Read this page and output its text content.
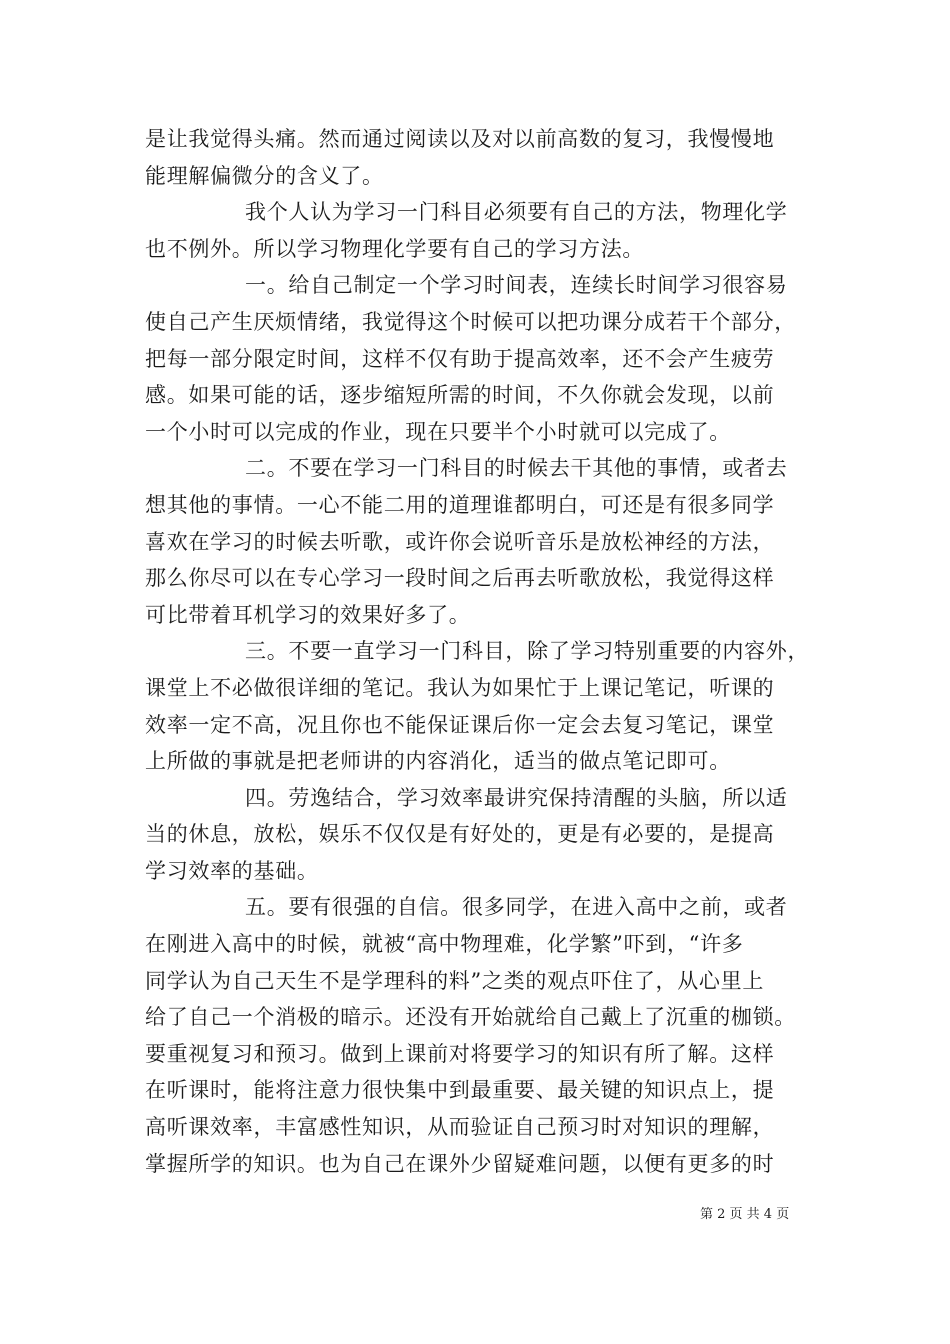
是让我觉得头痛。然而通过阅读以及对以前高数的复习，我慢慢地
能理解偏微分的含义了。
我个人认为学习一门科目必须要有自己的方法，物理化学
也不例外。所以学习物理化学要有自己的学习方法。
一。给自己制定一个学习时间表，连续长时间学习很容易
使自己产生厌烦情绪，我觉得这个时候可以把功课分成若干个部分，
把每一部分限定时间，这样不仅有助于提高效率，还不会产生疲劳
感。如果可能的话，逐步缩短所需的时间，不久你就会发现，以前
一个小时可以完成的作业，现在只要半个小时就可以完成了。
二。不要在学习一门科目的时候去干其他的事情，或者去
想其他的事情。一心不能二用的道理谁都明白，可还是有很多同学
喜欢在学习的时候去听歌，或许你会说听音乐是放松神经的方法，
那么你尽可以在专心学习一段时间之后再去听歌放松，我觉得这样
可比带着耳机学习的效果好多了。
三。不要一直学习一门科目，除了学习特别重要的内容外，
课堂上不必做很详细的笔记。我认为如果忙于上课记笔记，听课的
效率一定不高，况且你也不能保证课后你一定会去复习笔记，课堂
上所做的事就是把老师讲的内容消化，适当的做点笔记即可。
四。劳逸结合，学习效率最讲究保持清醒的头脑，所以适
当的休息，放松，娱乐不仅仅是有好处的，更是有必要的，是提高
学习效率的基础。
五。要有很强的自信。很多同学，在进入高中之前，或者
在刚进入高中的时候，就被“高中物理难，化学繁”吓到，“许多
同学认为自己天生不是学理科的料”之类的观点吓住了，从心里上
给了自己一个消极的暗示。还没有开始就给自己戴上了沉重的枷锁。
要重视复习和预习。做到上课前对将要学习的知识有所了解。这样
在听课时，能将注意力很快集中到最重要、最关键的知识点上，提
高听课效率，丰富感性知识，从而验证自己预习时对知识的理解，
掌握所学的知识。也为自己在课外少留疑难问题，以便有更多的时
第 2 页 共 4 页
